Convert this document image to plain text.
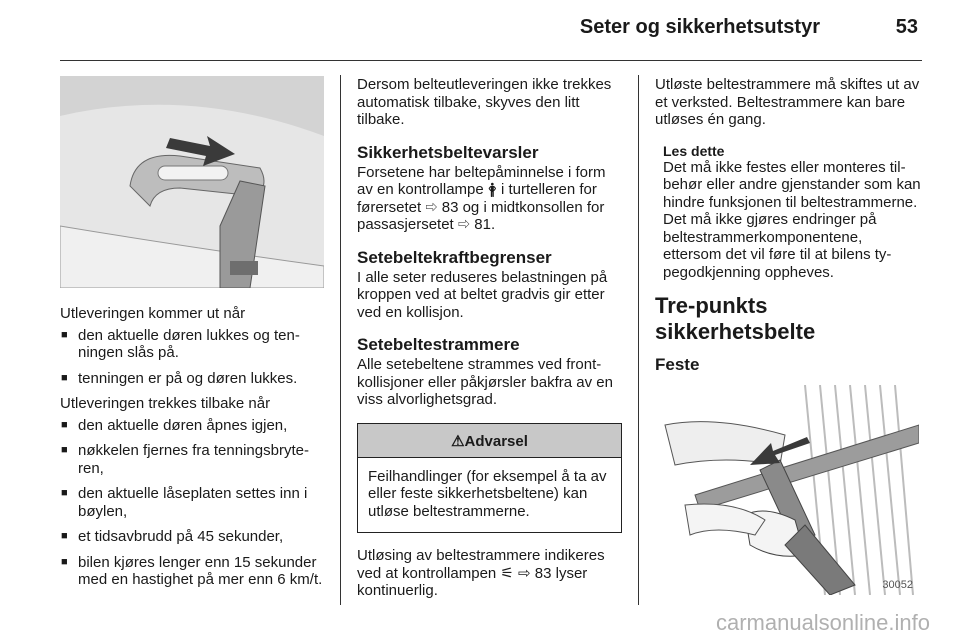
Seter og sikkerhetsutstyr	53

Utleveringen kommer ut når

■ den aktuelle døren lukkes og tenningen slås på.
■ tenningen er på og døren lukkes.

Utleveringen trekkes tilbake når

■ den aktuelle døren åpnes igjen,
■ nøkkelen fjernes fra tenningsbryteren,
■ den aktuelle låseplaten settes inn i bøylen,
■ et tidsavbrudd på 45 sekunder,
■ bilen kjøres lenger enn 15 sekunder med en hastighet på mer enn 6 km/t.

Dersom belteutleveringen ikke trekkes automatisk tilbake, skyves den litt tilbake.

Sikkerhetsbeltevarsler

Forsetene har beltepåminnelse i form av en kontrollampe 🛉 i turtelleren for førersetet ⇨ 83 og i midtkonsollen for passasjersetet ⇨ 81.

Setebeltekraftbegrenser

I alle seter reduseres belastningen på kroppen ved at beltet gradvis gir etter ved en kollisjon.

Setebeltestrammere

Alle setebeltene strammes ved frontkollisjoner eller påkjørsler bakfra av en viss alvorlighetsgrad.

⚠Advarsel
Feilhandlinger (for eksempel å ta av eller feste sikkerhetsbeltene) kan utløse beltestrammerne.

Utløsing av beltestrammere indikeres ved at kontrollampen ⚟ ⇨ 83 lyser kontinuerlig.

Utløste beltestrammere må skiftes ut av et verksted. Beltestrammere kan bare utløses én gang.

Les dette

Det må ikke festes eller monteres tilbehør eller andre gjenstander som kan hindre funksjonen til beltestrammerne. Det må ikke gjøres endringer på beltestrammerkomponentene, ettersom det vil føre til at bilens typegodkjenning oppheves.

Tre-punkts sikkerhetsbelte
Feste
30052
carmanualsonline.info
